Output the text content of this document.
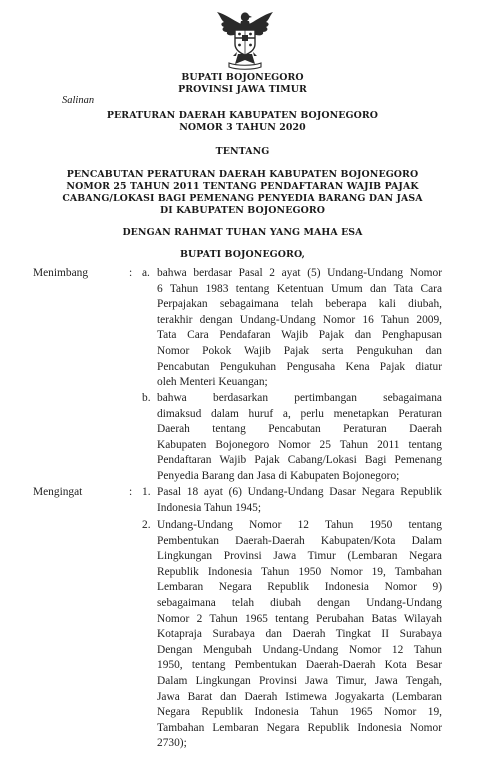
BUPATI BOJONEGORO
PROVINSI JAWA TIMUR
Salinan
PERATURAN DAERAH KABUPATEN BOJONEGORO
NOMOR 3 TAHUN 2020
TENTANG
PENCABUTAN PERATURAN DAERAH KABUPATEN BOJONEGORO
NOMOR 25 TAHUN 2011 TENTANG PENDAFTARAN WAJIB PAJAK
CABANG/LOKASI BAGI PEMENANG PENYEDIA BARANG DAN JASA
DI KABUPATEN BOJONEGORO
DENGAN RAHMAT TUHAN YANG MAHA ESA
BUPATI BOJONEGORO,
Menimbang	: a. bahwa berdasar Pasal 2 ayat (5) Undang-Undang Nomor
6 Tahun 1983 tentang Ketentuan Umum dan Tata Cara
Perpajakan sebagaimana telah beberapa kali diubah,
terakhir dengan Undang-Undang Nomor 16 Tahun 2009,
Tata Cara Pendafaran Wajib Pajak dan Penghapusan
Nomor Pokok Wajib Pajak serta Pengukuhan dan
Pencabutan Pengukuhan Pengusaha Kena Pajak diatur
oleh Menteri Keuangan;
b. bahwa berdasarkan pertimbangan sebagaimana
dimaksud dalam huruf a, perlu menetapkan Peraturan
Daerah tentang Pencabutan Peraturan Daerah
Kabupaten Bojonegoro Nomor 25 Tahun 2011 tentang
Pendaftaran Wajib Pajak Cabang/Lokasi Bagi Pemenang
Penyedia Barang dan Jasa di Kabupaten Bojonegoro;
Mengingat	: 1. Pasal 18 ayat (6) Undang-Undang Dasar Negara Republik
Indonesia Tahun 1945;
2. Undang-Undang Nomor 12 Tahun 1950 tentang
Pembentukan Daerah-Daerah Kabupaten/Kota Dalam
Lingkungan Provinsi Jawa Timur (Lembaran Negara
Republik Indonesia Tahun 1950 Nomor 19, Tambahan
Lembaran Negara Republik Indonesia Nomor 9)
sebagaimana telah diubah dengan Undang-Undang
Nomor 2 Tahun 1965 tentang Perubahan Batas Wilayah
Kotapraja Surabaya dan Daerah Tingkat II Surabaya
Dengan Mengubah Undang-Undang Nomor 12 Tahun
1950, tentang Pembentukan Daerah-Daerah Kota Besar
Dalam Lingkungan Provinsi Jawa Timur, Jawa Tengah,
Jawa Barat dan Daerah Istimewa Jogyakarta (Lembaran
Negara Republik Indonesia Tahun 1965 Nomor 19,
Tambahan Lembaran Negara Republik Indonesia Nomor
2730);
